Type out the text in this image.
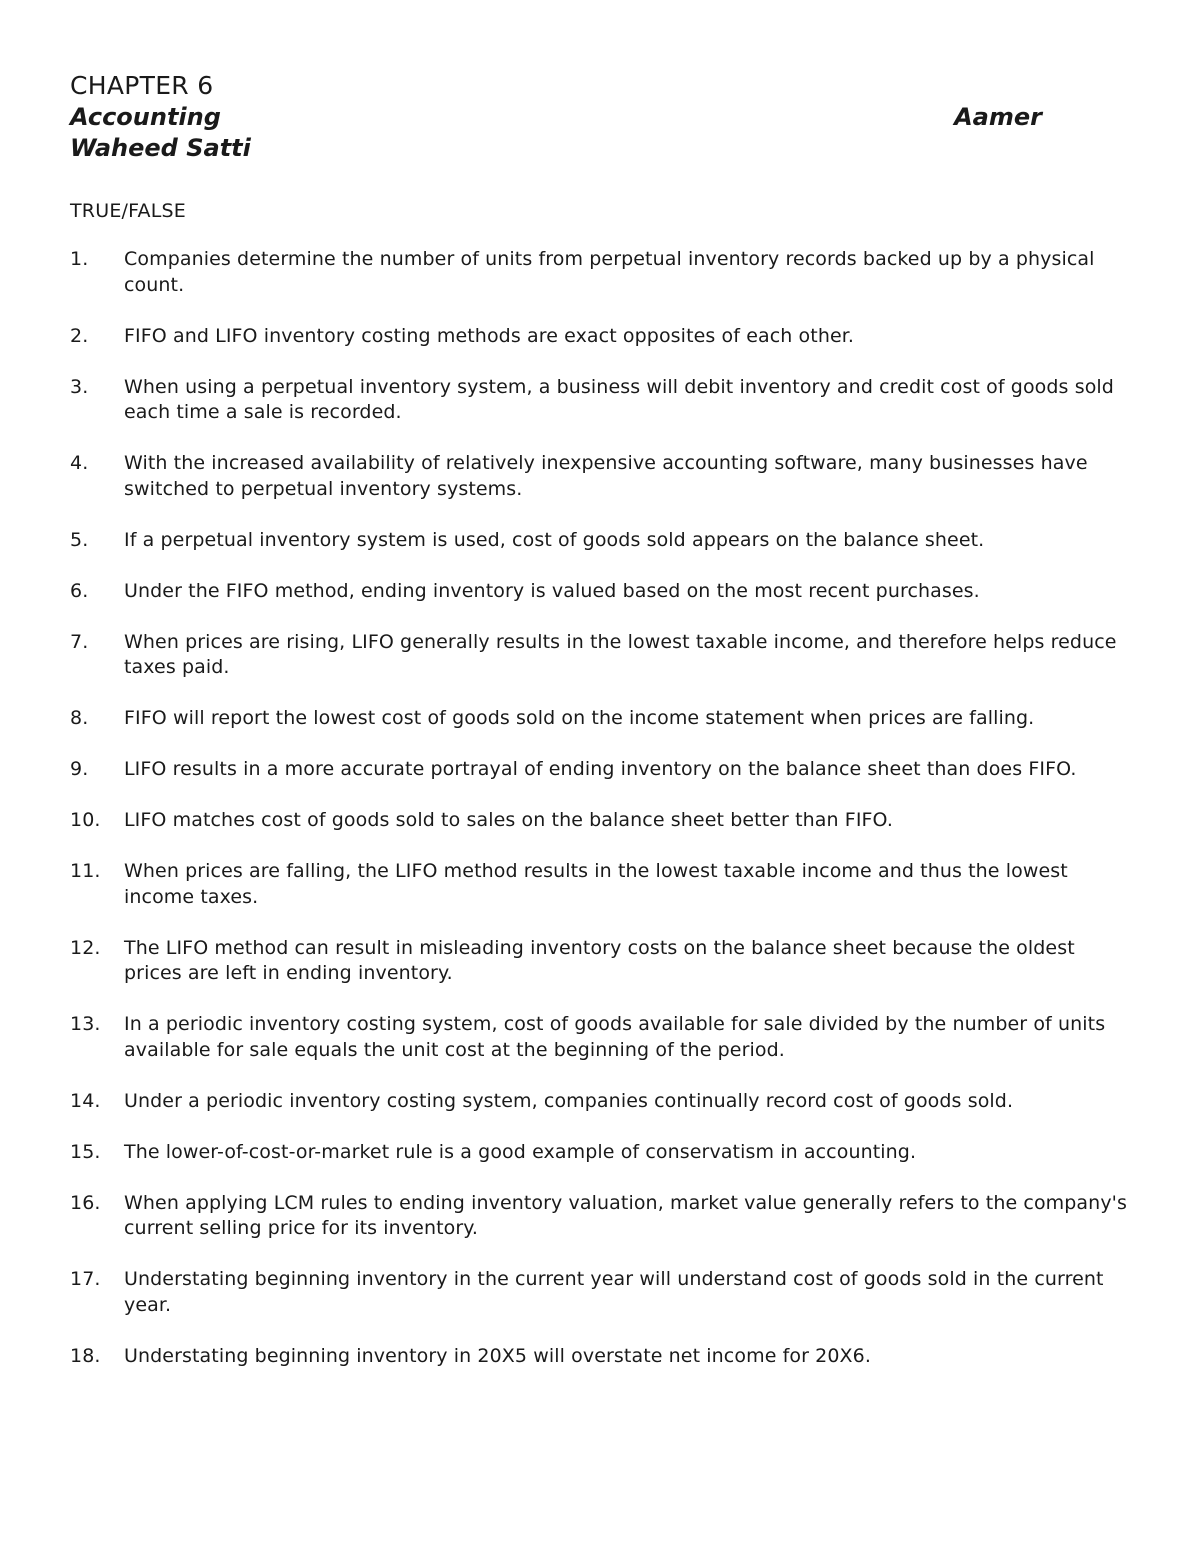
CHAPTER 6
Accounting	Aamer
Waheed Satti
TRUE/FALSE
1. Companies determine the number of units from perpetual inventory records backed up by a physical count.
2. FIFO and LIFO inventory costing methods are exact opposites of each other.
3. When using a perpetual inventory system, a business will debit inventory and credit cost of goods sold each time a sale is recorded.
4. With the increased availability of relatively inexpensive accounting software, many businesses have switched to perpetual inventory systems.
5. If a perpetual inventory system is used, cost of goods sold appears on the balance sheet.
6. Under the FIFO method, ending inventory is valued based on the most recent purchases.
7. When prices are rising, LIFO generally results in the lowest taxable income, and therefore helps reduce taxes paid.
8. FIFO will report the lowest cost of goods sold on the income statement when prices are falling.
9. LIFO results in a more accurate portrayal of ending inventory on the balance sheet than does FIFO.
10. LIFO matches cost of goods sold to sales on the balance sheet better than FIFO.
11. When prices are falling, the LIFO method results in the lowest taxable income and thus the lowest income taxes.
12. The LIFO method can result in misleading inventory costs on the balance sheet because the oldest prices are left in ending inventory.
13. In a periodic inventory costing system, cost of goods available for sale divided by the number of units available for sale equals the unit cost at the beginning of the period.
14. Under a periodic inventory costing system, companies continually record cost of goods sold.
15. The lower-of-cost-or-market rule is a good example of conservatism in accounting.
16. When applying LCM rules to ending inventory valuation, market value generally refers to the company's current selling price for its inventory.
17. Understating beginning inventory in the current year will understand cost of goods sold in the current year.
18. Understating beginning inventory in 20X5 will overstate net income for 20X6.
